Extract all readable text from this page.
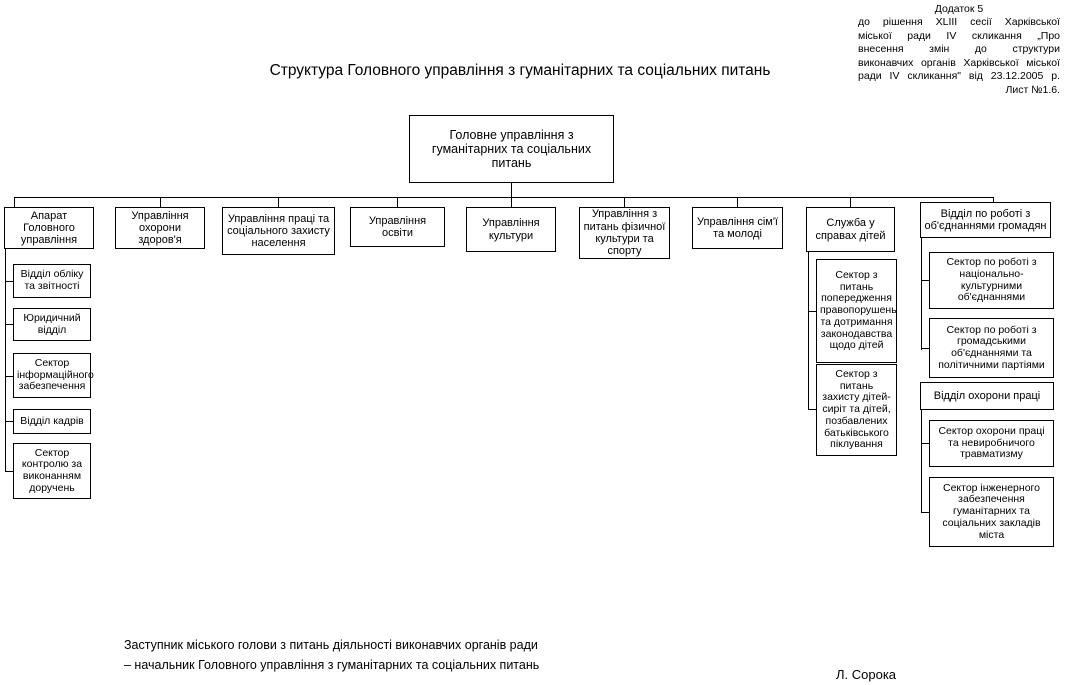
Додаток 5
до рішення XLIII сесії Харківської
міської ради IV скликання „Про
внесення змін до структури
виконавчих органів Харківської міської
ради IV скликання" від 23.12.2005 р.
Лист №1.6.
Структура Головного управління з гуманітарних та соціальних питань
Головне управління з гуманітарних та соціальних питань
Апарат Головного управління
Управління охорони здоров'я
Управління праці та соціального захисту населення
Управління освіти
Управління культури
Управління з питань фізичної культури та спорту
Управління сім'ї та молоді
Служба у справах дітей
Відділ по роботі з об'єднаннями громадян
Відділ обліку та звітності
Юридичний відділ
Сектор інформаційного забезпечення
Відділ кадрів
Сектор контролю за виконанням доручень
Сектор з питань попередження правопорушень та дотримання законодавства щодо дітей
Сектор з питань захисту дітей-сиріт та дітей, позбавлених батьківського піклування
Сектор по роботі з національно-культурними об'єднаннями
Сектор по роботі з громадськими об'єднаннями та політичними партіями
Відділ охорони праці
Сектор охорони праці та невиробничого травматизму
Сектор інженерного забезпечення гуманітарних та соціальних закладів міста
Заступник міського голови з питань діяльності виконавчих органів ради – начальник Головного управління з гуманітарних та соціальних питань
Л. Сорока
